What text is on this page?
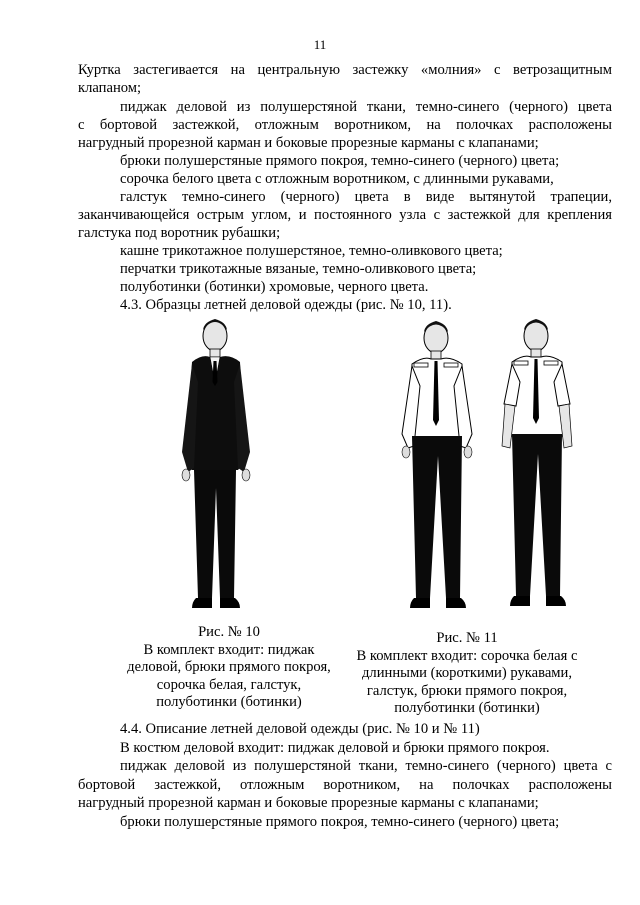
11
Куртка застегивается на центральную застежку «молния» с ветрозащитным
клапаном;
пиджак деловой из полушерстяной ткани, темно-синего (черного) цвета
с бортовой застежкой, отложным воротником, на полочках расположены
нагрудный прорезной карман и боковые прорезные карманы с клапанами;
брюки полушерстяные прямого покроя, темно-синего (черного) цвета;
сорочка белого цвета с отложным воротником, с длинными рукавами,
галстук темно-синего (черного) цвета в виде вытянутой трапеции,
заканчивающейся острым углом, и постоянного узла с застежкой для крепления
галстука под воротник рубашки;
кашне трикотажное полушерстяное, темно-оливкового цвета;
перчатки трикотажные вязаные, темно-оливкового цвета;
полуботинки (ботинки) хромовые, черного цвета.
4.3. Образцы летней деловой одежды (рис. № 10, 11).
Рис. № 10
В комплект входит: пиджак
деловой, брюки прямого покроя,
сорочка белая, галстук,
полуботинки (ботинки)
Рис. № 11
В комплект входит: сорочка белая с
длинными (короткими) рукавами,
галстук, брюки прямого покроя,
полуботинки (ботинки)
4.4. Описание летней деловой одежды (рис. № 10 и № 11)
В костюм деловой входит: пиджак деловой и брюки прямого покроя.
пиджак деловой из полушерстяной ткани, темно-синего (черного) цвета с
бортовой застежкой, отложным воротником, на полочках расположены
нагрудный прорезной карман и боковые прорезные карманы с клапанами;
брюки полушерстяные прямого покроя, темно-синего (черного) цвета;
